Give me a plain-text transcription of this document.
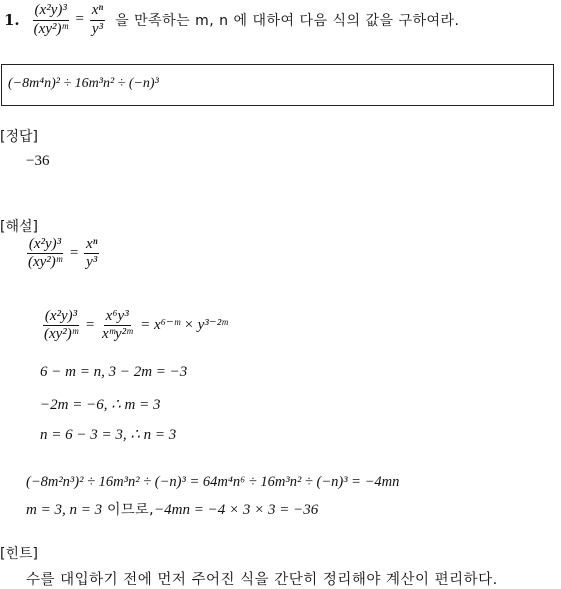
1. $\frac{\text{(x²y)³}}{\text{(xy²)ᵐ}} = \frac{\text{xⁿ}}{\text{y³}}$ 을 만족하는 m, n 에 대하여 다음 식의 값을 구하여라.
(−8m⁴n)² ÷ 16m³n² ÷ (−n)³
[정답]
−36
[해설]
$\frac{\text{(x²y)³}}{\text{(xy²)ᵐ}} = \frac{\text{xⁿ}}{\text{y³}}$
$\frac{\text{(x²y)³}}{\text{(xy²)ᵐ}} = \frac{\text{x⁶y³}}{\text{xᵐy²ᵐ}}$ = x⁶⁻ᵐ × y³⁻²ᵐ
6 − m = n, 3 − 2m = −3
−2m = −6, ∴ m = 3
n = 6 − 3 = 3, ∴ n = 3
(−8m²n³)² ÷ 16m³n² ÷ (−n)³ = 64m⁴n⁶ ÷ 16m³n² ÷ (−n)³ = −4mn
m = 3, n = 3 이므로,−4mn = −4 × 3 × 3 = −36
[힌트]
수를 대입하기 전에 먼저 주어진 식을 간단히 정리해야 계산이 편리하다.
